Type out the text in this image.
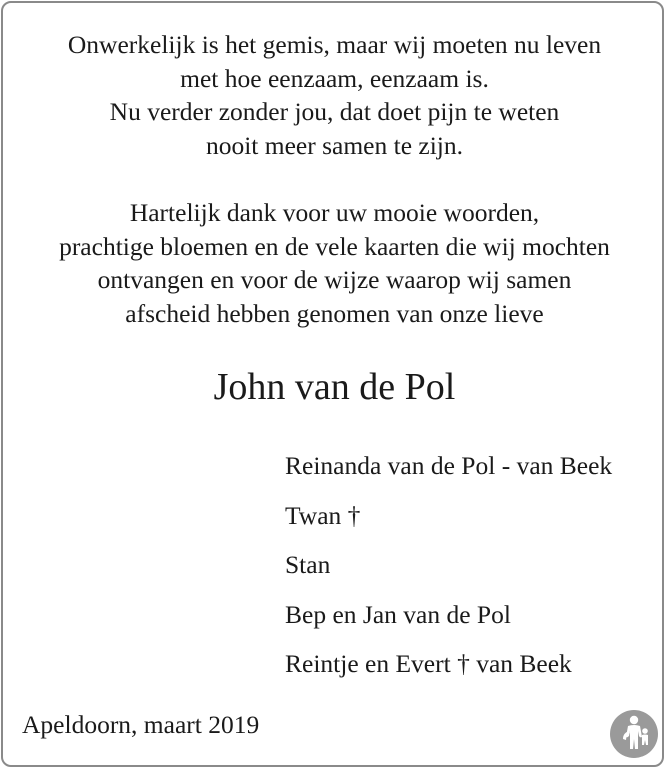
Onwerkelijk is het gemis, maar wij moeten nu leven
met hoe eenzaam, eenzaam is.
Nu verder zonder jou, dat doet pijn te weten
nooit meer samen te zijn.
Hartelijk dank voor uw mooie woorden,
prachtige bloemen en de vele kaarten die wij mochten
ontvangen en voor de wijze waarop wij samen
afscheid hebben genomen van onze lieve
John van de Pol
Reinanda van de Pol - van Beek
Twan †
Stan
Bep en Jan van de Pol
Reintje en Evert † van Beek
Apeldoorn, maart 2019
